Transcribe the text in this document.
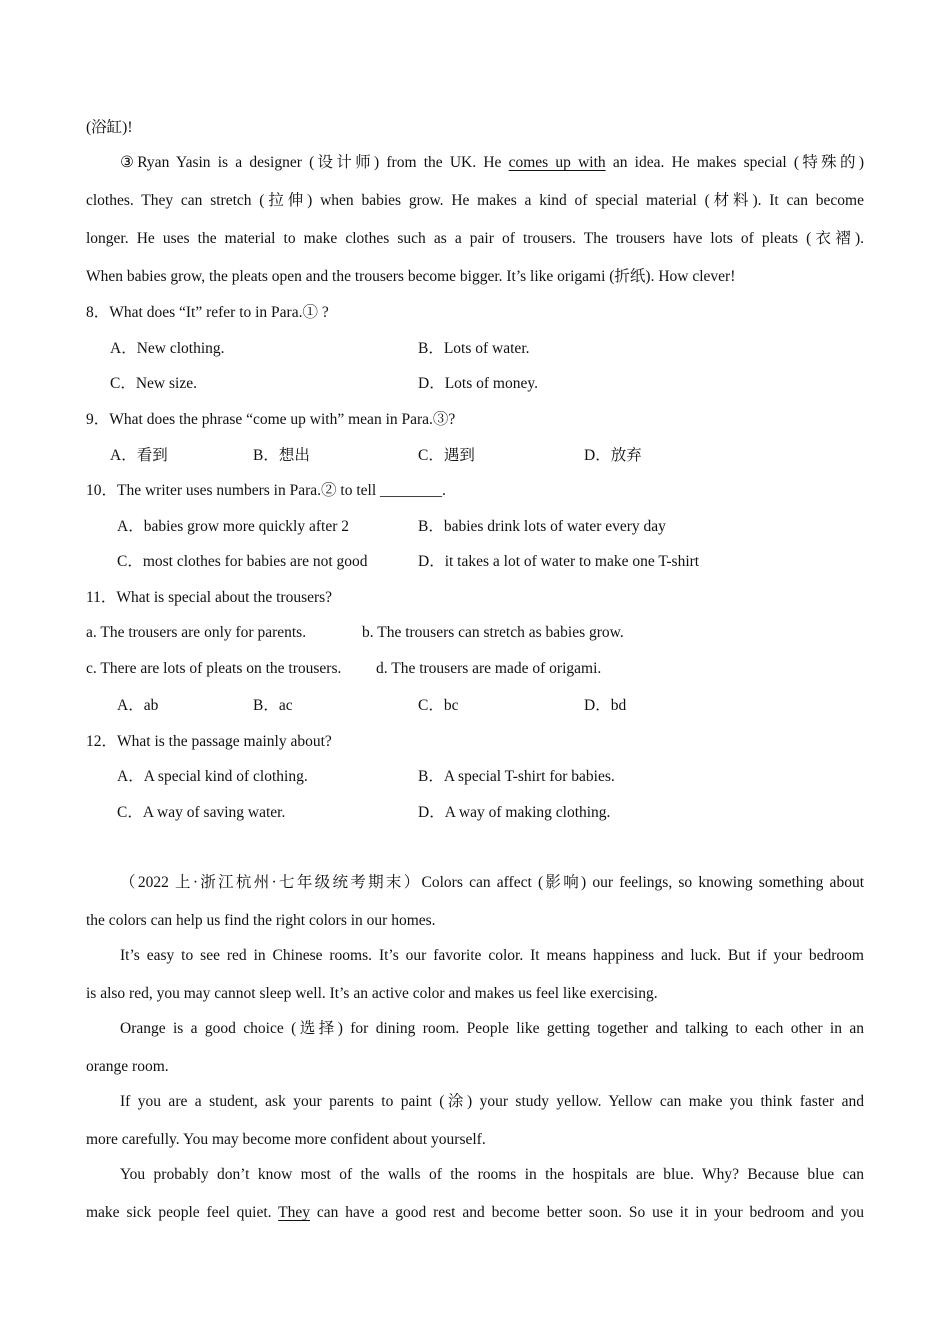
(浴缸)!
③Ryan Yasin is a designer (设计师) from the UK. He comes up with an idea. He makes special (特殊的)
clothes. They can stretch (拉伸) when babies grow. He makes a kind of special material (材料). It can become
longer. He uses the material to make clothes such as a pair of trousers. The trousers have lots of pleats (衣褶).
When babies grow, the pleats open and the trousers become bigger. It’s like origami (折纸). How clever!
8．What does “It” refer to in Para.① ?
A．New clothing.	B．Lots of water.
C．New size.	D．Lots of money.
9．What does the phrase “come up with” mean in Para.③?
A．看到	B．想出	C．遇到	D．放弃
10．The writer uses numbers in Para.② to tell ________.
A．babies grow more quickly after 2	B．babies drink lots of water every day
C．most clothes for babies are not good	D．it takes a lot of water to make one T-shirt
11．What is special about the trousers?
a. The trousers are only for parents.	b. The trousers can stretch as babies grow.
c. There are lots of pleats on the trousers. d. The trousers are made of origami.
A．ab	B．ac	C．bc	D．bd
12．What is the passage mainly about?
A．A special kind of clothing.	B．A special T-shirt for babies.
C．A way of saving water.	D．A way of making clothing.
（2022 上·浙江杭州·七年级统考期末）Colors can affect (影响) our feelings, so knowing something about
the colors can help us find the right colors in our homes.
It’s easy to see red in Chinese rooms. It’s our favorite color. It means happiness and luck. But if your bedroom
is also red, you may cannot sleep well. It’s an active color and makes us feel like exercising.
Orange is a good choice (选择) for dining room. People like getting together and talking to each other in an
orange room.
If you are a student, ask your parents to paint (涂) your study yellow. Yellow can make you think faster and
more carefully. You may become more confident about yourself.
You probably don’t know most of the walls of the rooms in the hospitals are blue. Why? Because blue can
make sick people feel quiet. They can have a good rest and become better soon. So use it in your bedroom and you
